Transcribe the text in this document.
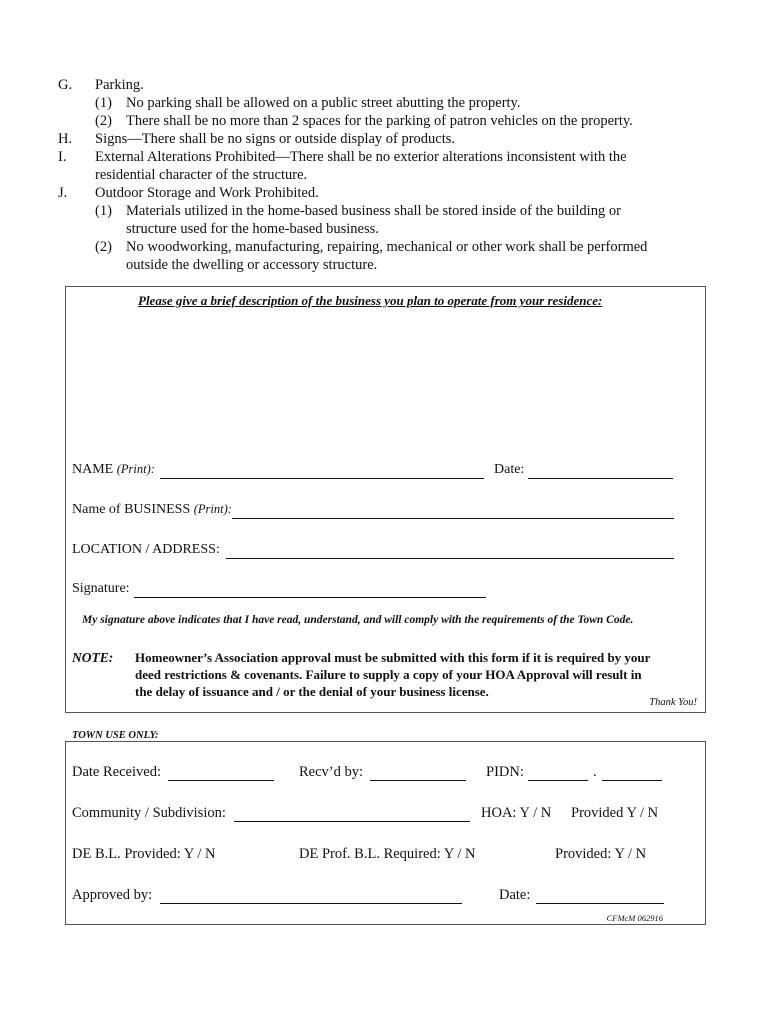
G. Parking.
(1) No parking shall be allowed on a public street abutting the property.
(2) There shall be no more than 2 spaces for the parking of patron vehicles on the property.
H. Signs—There shall be no signs or outside display of products.
I. External Alterations Prohibited—There shall be no exterior alterations inconsistent with the
residential character of the structure.
J. Outdoor Storage and Work Prohibited.
(1) Materials utilized in the home-based business shall be stored inside of the building or
structure used for the home-based business.
(2) No woodworking, manufacturing, repairing, mechanical or other work shall be performed
outside the dwelling or accessory structure.
Please give a brief description of the business you plan to operate from your residence:
NAME (Print):	Date:
Name of BUSINESS (Print):
LOCATION / ADDRESS:
Signature:
My signature above indicates that I have read, understand, and will comply with the requirements of the Town Code.
NOTE: Homeowner’s Association approval must be submitted with this form if it is required by your
deed restrictions & covenants. Failure to supply a copy of your HOA Approval will result in
the delay of issuance and / or the denial of your business license.
Thank You!
TOWN USE ONLY:
Date Received:	Recv’d by:	PIDN:	.
Community / Subdivision:	HOA: Y / N Provided Y / N
DE B.L. Provided: Y / N	DE Prof. B.L. Required: Y / N	Provided: Y / N
Approved by:	Date:
CFMcM 062916
